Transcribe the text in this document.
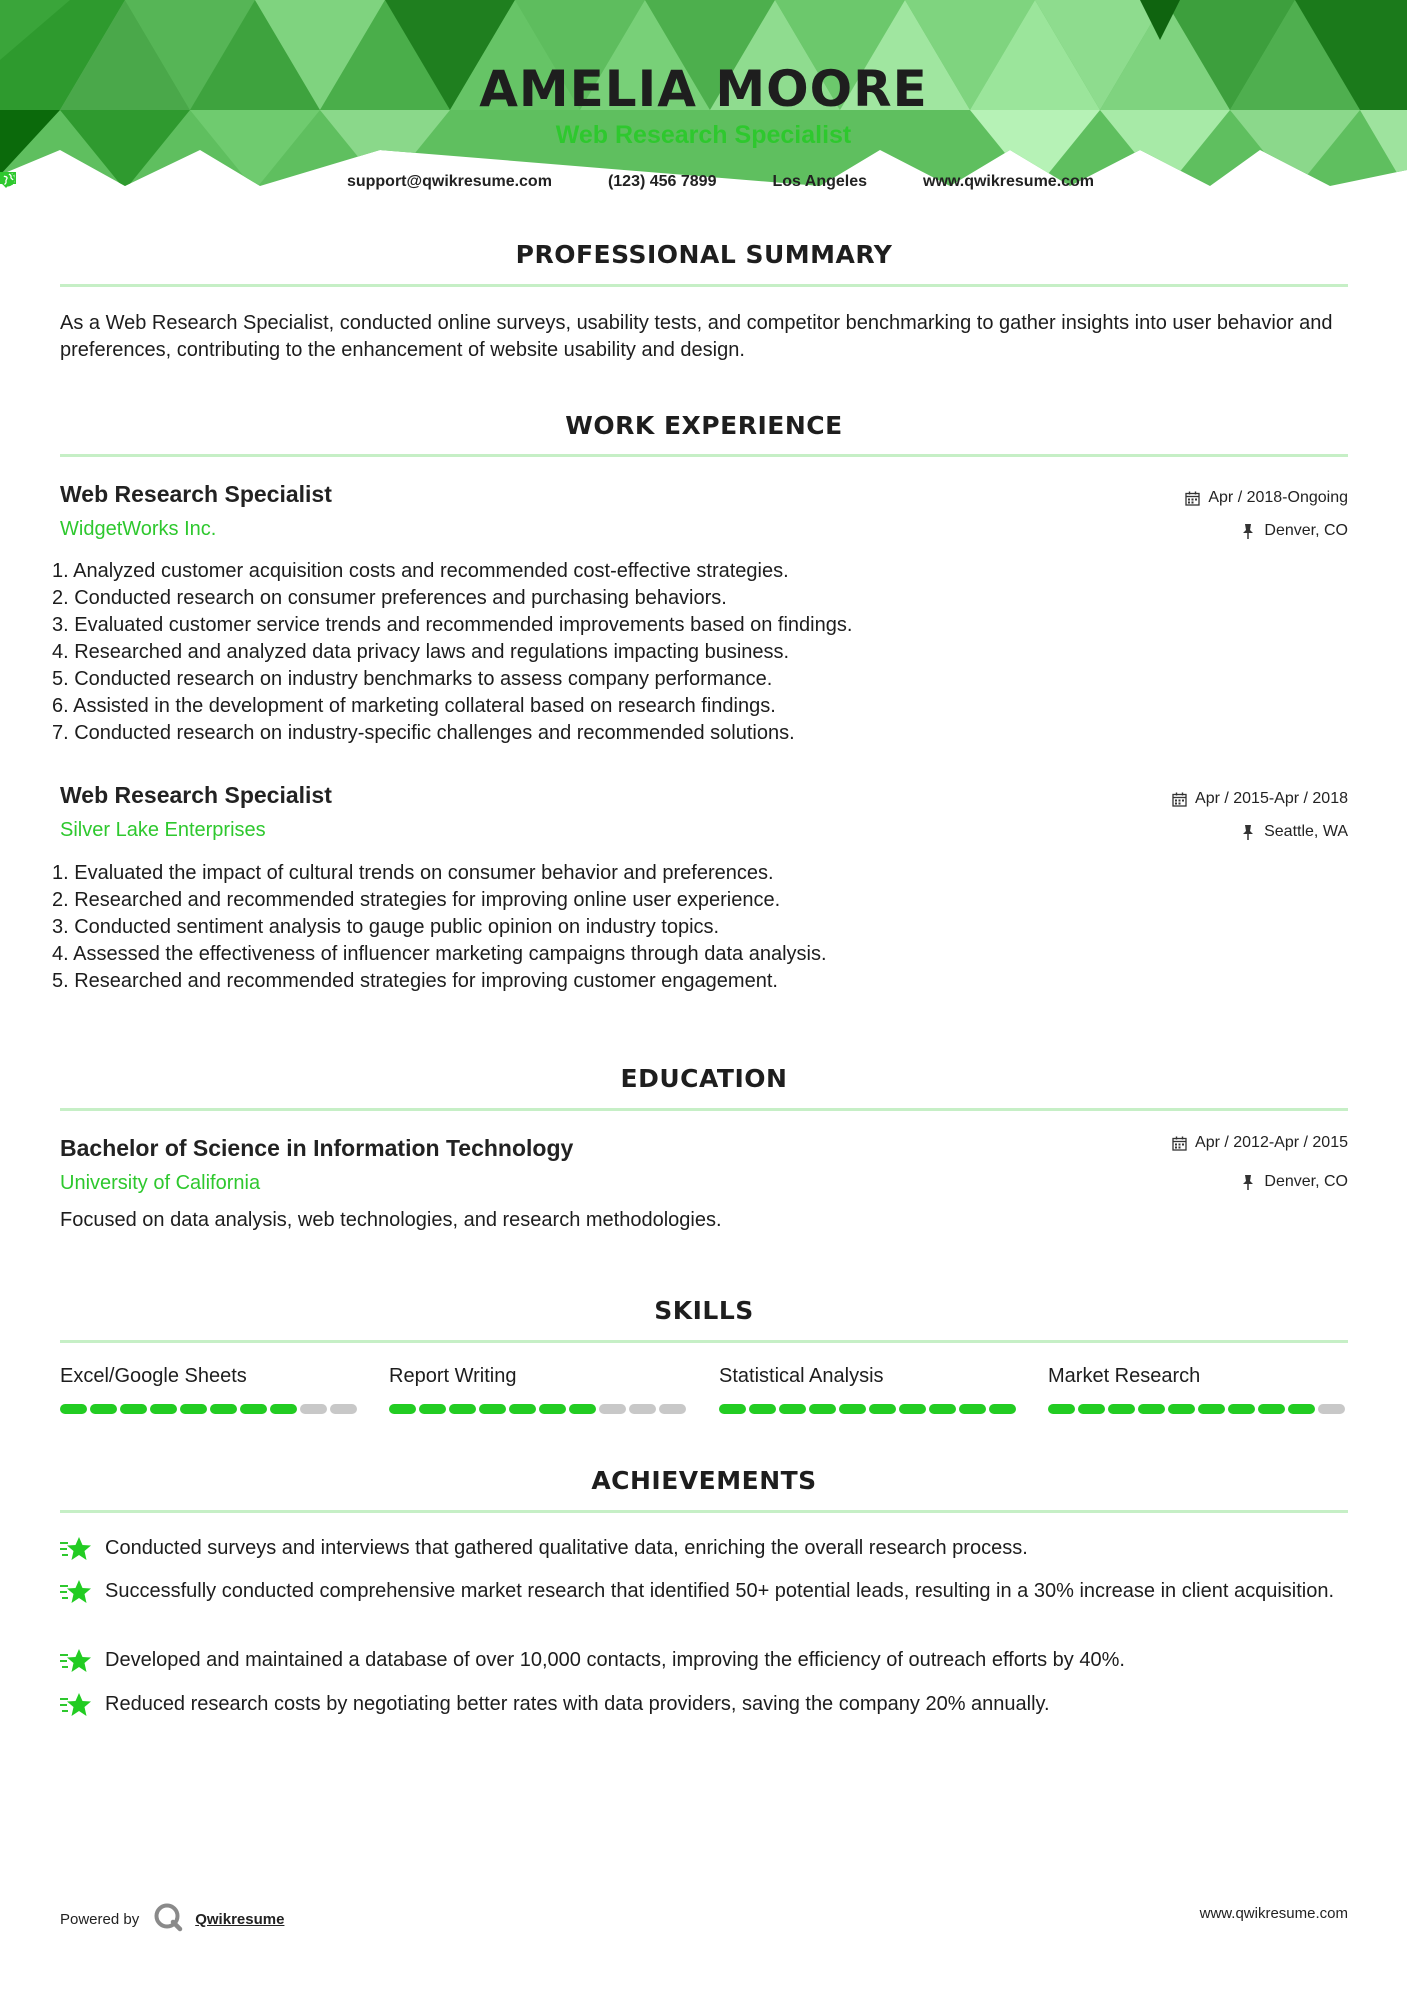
AMELIA MOORE
Web Research Specialist
support@qwikresume.com	(123) 456 7899	Los Angeles	www.qwikresume.com
PROFESSIONAL SUMMARY
As a Web Research Specialist, conducted online surveys, usability tests, and competitor benchmarking to gather insights into user behavior and preferences, contributing to the enhancement of website usability and design.
WORK EXPERIENCE
Web Research Specialist
WidgetWorks Inc.
Apr / 2018-Ongoing
Denver, CO
1. Analyzed customer acquisition costs and recommended cost-effective strategies.
2. Conducted research on consumer preferences and purchasing behaviors.
3. Evaluated customer service trends and recommended improvements based on findings.
4. Researched and analyzed data privacy laws and regulations impacting business.
5. Conducted research on industry benchmarks to assess company performance.
6. Assisted in the development of marketing collateral based on research findings.
7. Conducted research on industry-specific challenges and recommended solutions.
Web Research Specialist
Silver Lake Enterprises
Apr / 2015-Apr / 2018
Seattle, WA
1. Evaluated the impact of cultural trends on consumer behavior and preferences.
2. Researched and recommended strategies for improving online user experience.
3. Conducted sentiment analysis to gauge public opinion on industry topics.
4. Assessed the effectiveness of influencer marketing campaigns through data analysis.
5. Researched and recommended strategies for improving customer engagement.
EDUCATION
Bachelor of Science in Information Technology
University of California
Apr / 2012-Apr / 2015
Denver, CO
Focused on data analysis, web technologies, and research methodologies.
SKILLS
Excel/Google Sheets	Report Writing	Statistical Analysis	Market Research
ACHIEVEMENTS
Conducted surveys and interviews that gathered qualitative data, enriching the overall research process.
Successfully conducted comprehensive market research that identified 50+ potential leads, resulting in a 30% increase in client acquisition.
Developed and maintained a database of over 10,000 contacts, improving the efficiency of outreach efforts by 40%.
Reduced research costs by negotiating better rates with data providers, saving the company 20% annually.
Powered by	Qwikresume	www.qwikresume.com
